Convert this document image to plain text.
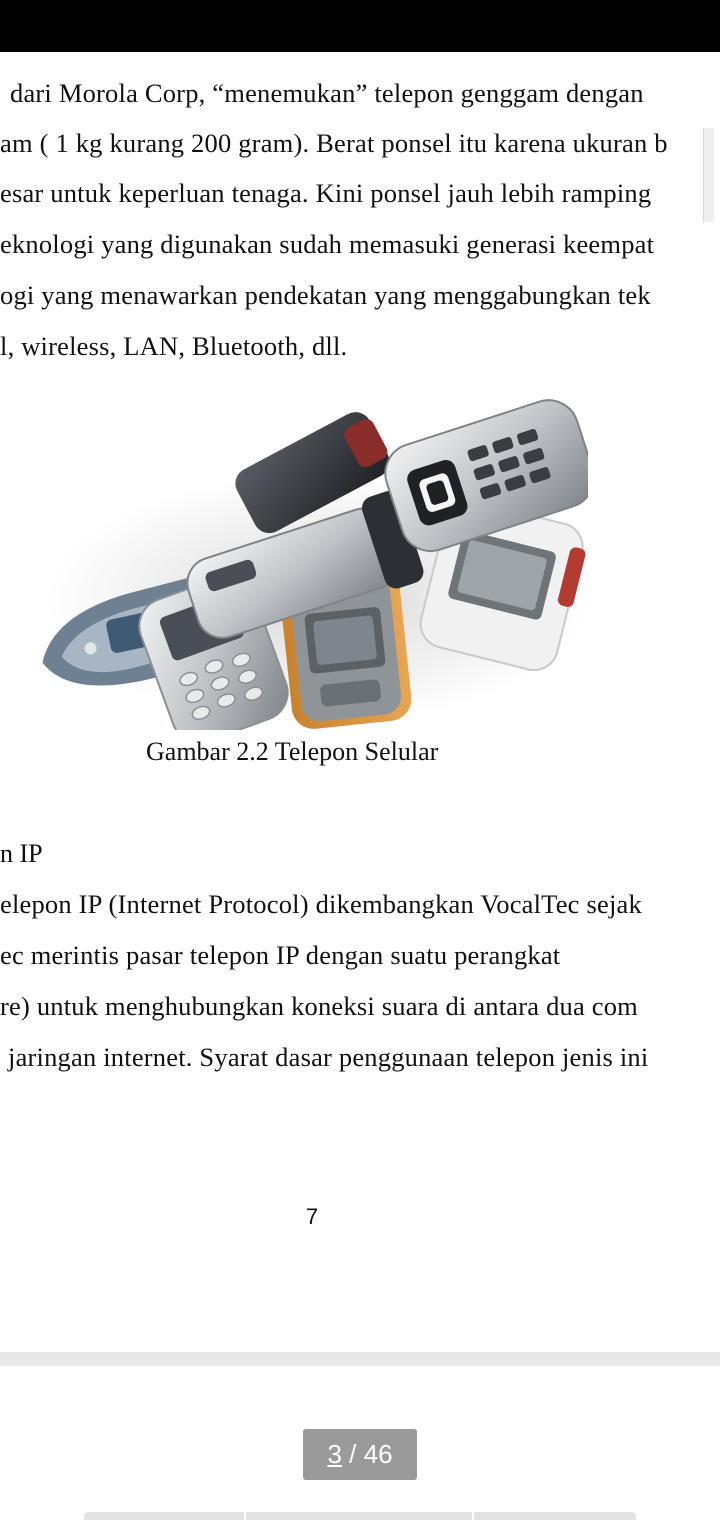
dari Morola Corp, “menemukan” telepon genggam dengan
am ( 1 kg kurang 200 gram). Berat ponsel itu karena ukuran b
esar untuk keperluan tenaga. Kini ponsel jauh lebih ramping
eknologi yang digunakan sudah memasuki generasi keempat
ogi yang menawarkan pendekatan yang menggabungkan tek
l, wireless, LAN, Bluetooth, dll.
Gambar 2.2 Telepon Selular
n IP
elepon IP (Internet Protocol) dikembangkan VocalTec sejak
ec merintis pasar telepon IP dengan suatu perangkat
re) untuk menghubungkan koneksi suara di antara dua com
jaringan internet. Syarat dasar penggunaan telepon jenis ini
7
3 / 46
